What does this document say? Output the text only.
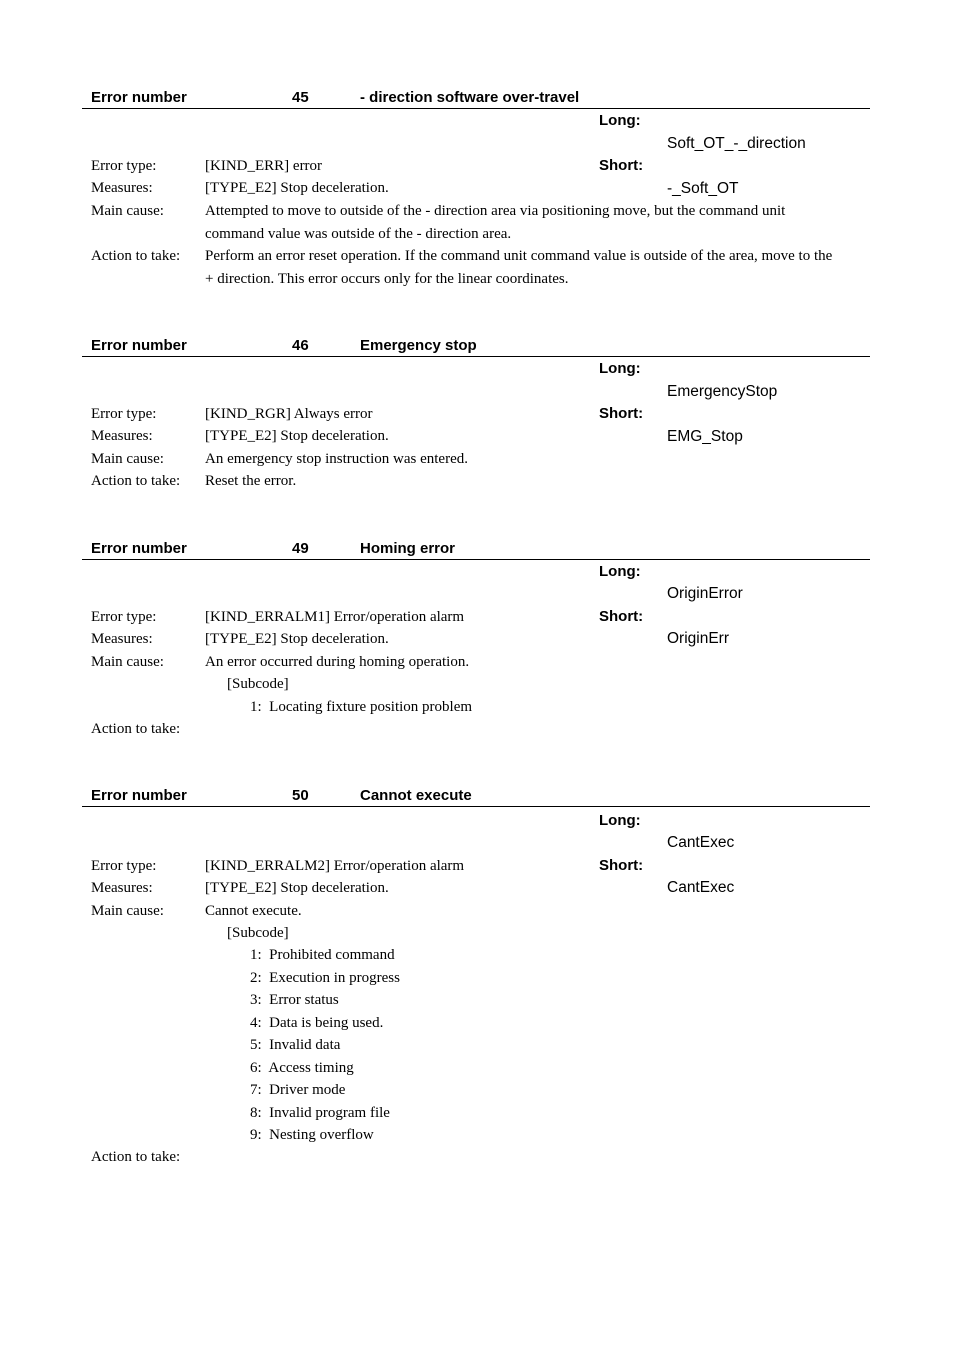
Error number	45	- direction software over-travel
Long:
Soft_OT_-_direction
Short:
-_Soft_OT
Error type:	[KIND_ERR] error
Measures:	[TYPE_E2] Stop deceleration.
Main cause:	Attempted to move to outside of the - direction area via positioning move, but the command unit command value was outside of the - direction area.
Action to take: Perform an error reset operation. If the command unit command value is outside of the area, move to the + direction. This error occurs only for the linear coordinates.
Error number	46	Emergency stop
Long:
EmergencyStop
Short:
EMG_Stop
Error type:	[KIND_RGR] Always error
Measures:	[TYPE_E2] Stop deceleration.
Main cause:	An emergency stop instruction was entered.
Action to take: Reset the error.
Error number	49	Homing error
Long:
OriginError
Short:
OriginErr
Error type:	[KIND_ERRALM1] Error/operation alarm
Measures:	[TYPE_E2] Stop deceleration.
Main cause:	An error occurred during homing operation.
[Subcode]
1: Locating fixture position problem
Action to take:
Error number	50	Cannot execute
Long:
CantExec
Short:
CantExec
Error type:	[KIND_ERRALM2] Error/operation alarm
Measures:	[TYPE_E2] Stop deceleration.
Main cause:	Cannot execute.
[Subcode]
1: Prohibited command
2: Execution in progress
3: Error status
4: Data is being used.
5: Invalid data
6: Access timing
7: Driver mode
8: Invalid program file
9: Nesting overflow
Action to take:
